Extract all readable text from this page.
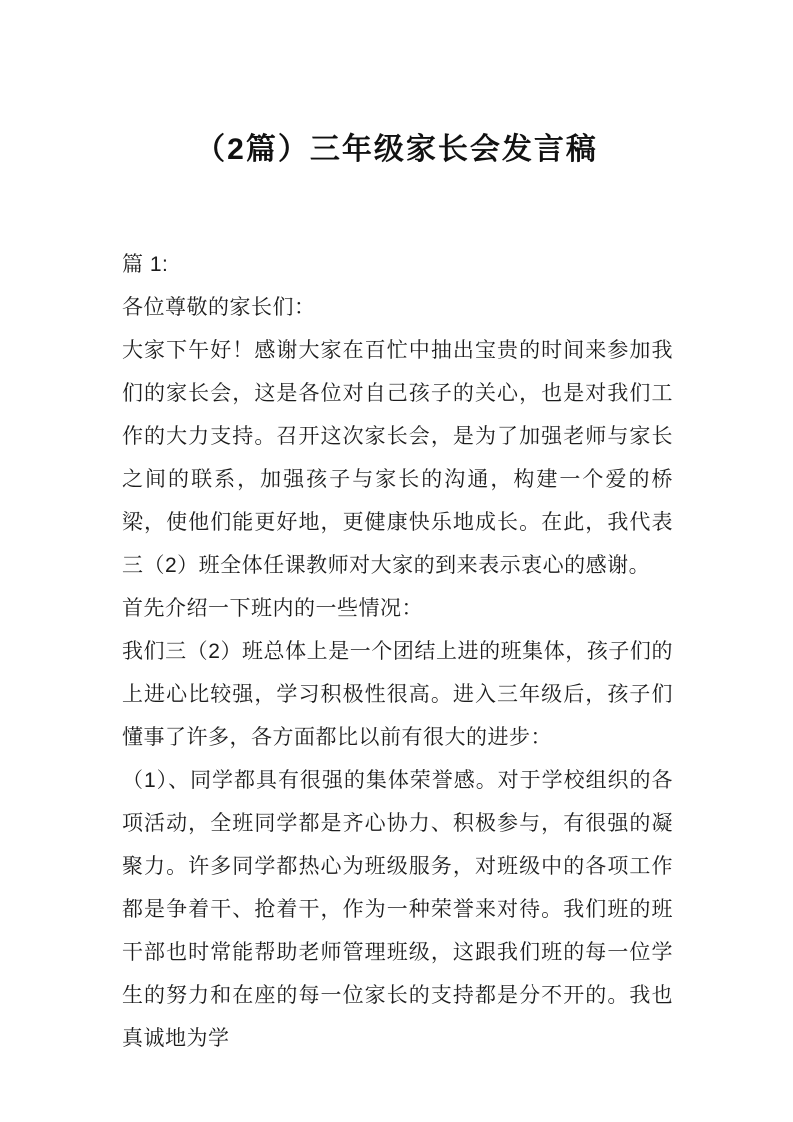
（2篇）三年级家长会发言稿

篇 1:

各位尊敬的家长们：

大家下午好！感谢大家在百忙中抽出宝贵的时间来参加我们的家长会，这是各位对自己孩子的关心，也是对我们工作的大力支持。召开这次家长会，是为了加强老师与家长之间的联系，加强孩子与家长的沟通，构建一个爱的桥梁，使他们能更好地，更健康快乐地成长。在此，我代表三（2）班全体任课教师对大家的到来表示衷心的感谢。

首先介绍一下班内的一些情况：

我们三（2）班总体上是一个团结上进的班集体，孩子们的上进心比较强，学习积极性很高。进入三年级后，孩子们懂事了许多，各方面都比以前有很大的进步：

（1）、同学都具有很强的集体荣誉感。对于学校组织的各项活动，全班同学都是齐心协力、积极参与，有很强的凝聚力。许多同学都热心为班级服务，对班级中的各项工作都是争着干、抢着干，作为一种荣誉来对待。我们班的班干部也时常能帮助老师管理班级，这跟我们班的每一位学生的努力和在座的每一位家长的支持都是分不开的。我也真诚地为学
